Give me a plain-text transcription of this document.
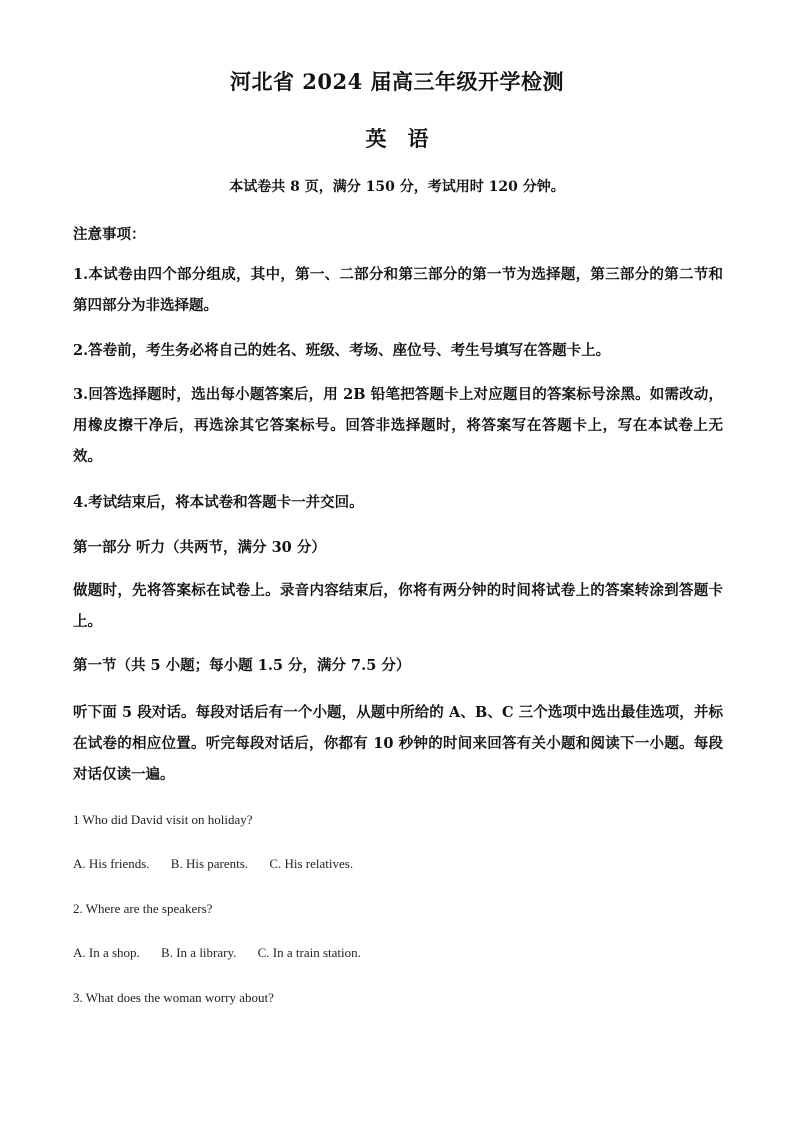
河北省 2024 届高三年级开学检测
英　语
本试卷共 8 页，满分 150 分，考试用时 120 分钟。
注意事项：
1.本试卷由四个部分组成，其中，第一、二部分和第三部分的第一节为选择题，第三部分的第二节和第四部分为非选择题。
2.答卷前，考生务必将自己的姓名、班级、考场、座位号、考生号填写在答题卡上。
3.回答选择题时，选出每小题答案后，用 2B 铅笔把答题卡上对应题目的答案标号涂黑。如需改动，用橡皮擦干净后，再选涂其它答案标号。回答非选择题时，将答案写在答题卡上，写在本试卷上无效。
4.考试结束后，将本试卷和答题卡一并交回。
第一部分 听力（共两节，满分 30 分）
做题时，先将答案标在试卷上。录音内容结束后，你将有两分钟的时间将试卷上的答案转涂到答题卡上。
第一节（共 5 小题；每小题 1.5 分，满分 7.5 分）
听下面 5 段对话。每段对话后有一个小题，从题中所给的 A、B、C 三个选项中选出最佳选项，并标在试卷的相应位置。听完每段对话后，你都有 10 秒钟的时间来回答有关小题和阅读下一小题。每段对话仅读一遍。
1 Who did David visit on holiday?
A. His friends. B. His parents. C. His relatives.
2. Where are the speakers?
A. In a shop. B. In a library. C. In a train station.
3. What does the woman worry about?
